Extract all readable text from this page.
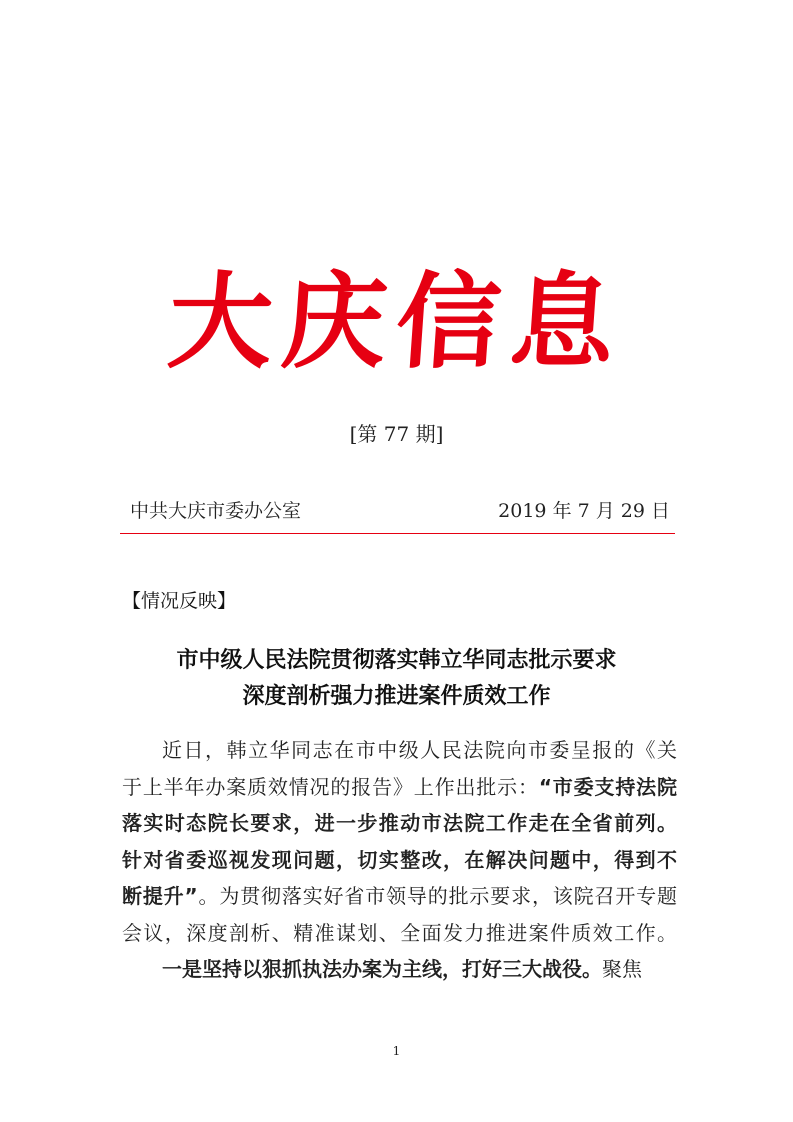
大庆信息
[第 77 期]
中共大庆市委办公室	2019 年 7 月 29 日
【情况反映】
市中级人民法院贯彻落实韩立华同志批示要求
深度剖析强力推进案件质效工作
近日，韩立华同志在市中级人民法院向市委呈报的《关
于上半年办案质效情况的报告》上作出批示：“市委支持法院
落实时态院长要求，进一步推动市法院工作走在全省前列。
针对省委巡视发现问题，切实整改，在解决问题中，得到不
断提升”。为贯彻落实好省市领导的批示要求，该院召开专题
会议，深度剖析、精准谋划、全面发力推进案件质效工作。
一是坚持以狠抓执法办案为主线，打好三大战役。聚焦
1
